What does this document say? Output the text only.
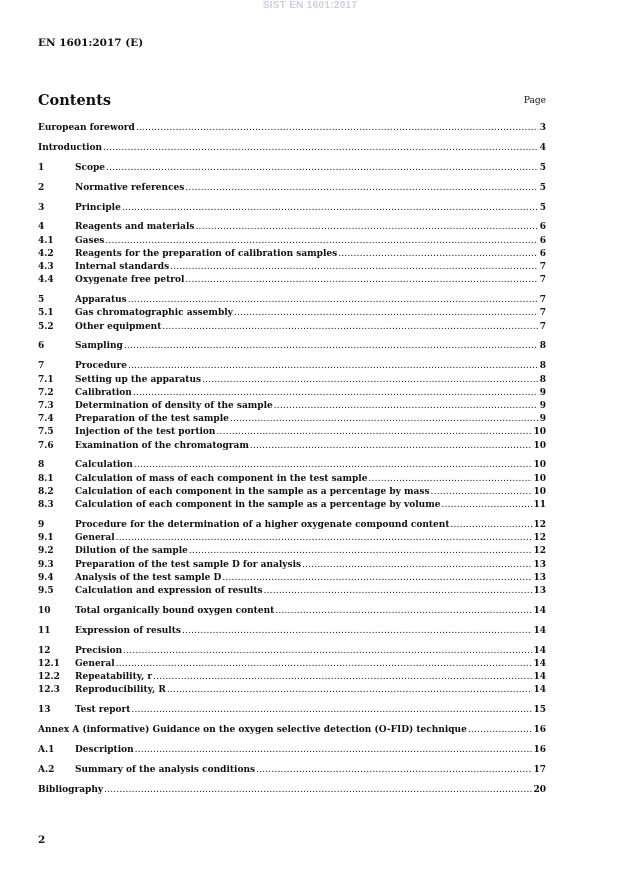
SIST EN 1601:2017
EN 1601:2017 (E)
Contents	Page
European foreword .....	3
Introduction .....	4
1	Scope .....	5
2	Normative references .....	5
3	Principle .....	5
4	Reagents and materials .....	6
4.1	Gases .....	6
4.2	Reagents for the preparation of calibration samples .....	6
4.3	Internal standards .....	7
4.4	Oxygenate free petrol .....	7
5	Apparatus .....	7
5.1	Gas chromatographic assembly .....	7
5.2	Other equipment .....	7
6	Sampling .....	8
7	Procedure .....	8
7.1	Setting up the apparatus .....	8
7.2	Calibration .....	9
7.3	Determination of density of the sample .....	9
7.4	Preparation of the test sample .....	9
7.5	Injection of the test portion .....	10
7.6	Examination of the chromatogram .....	10
8	Calculation .....	10
8.1	Calculation of mass of each component in the test sample .....	10
8.2	Calculation of each component in the sample as a percentage by mass .....	10
8.3	Calculation of each component in the sample as a percentage by volume .....	11
9	Procedure for the determination of a higher oxygenate compound content .....	12
9.1	General .....	12
9.2	Dilution of the sample .....	12
9.3	Preparation of the test sample D for analysis .....	13
9.4	Analysis of the test sample D .....	13
9.5	Calculation and expression of results .....	13
10	Total organically bound oxygen content .....	14
11	Expression of results .....	14
12	Precision .....	14
12.1	General .....	14
12.2	Repeatability, r .....	14
12.3	Reproducibility, R .....	14
13	Test report .....	15
Annex A (informative) Guidance on the oxygen selective detection (O-FID) technique .....	16
A.1	Description .....	16
A.2	Summary of the analysis conditions .....	17
Bibliography .....	20
2
